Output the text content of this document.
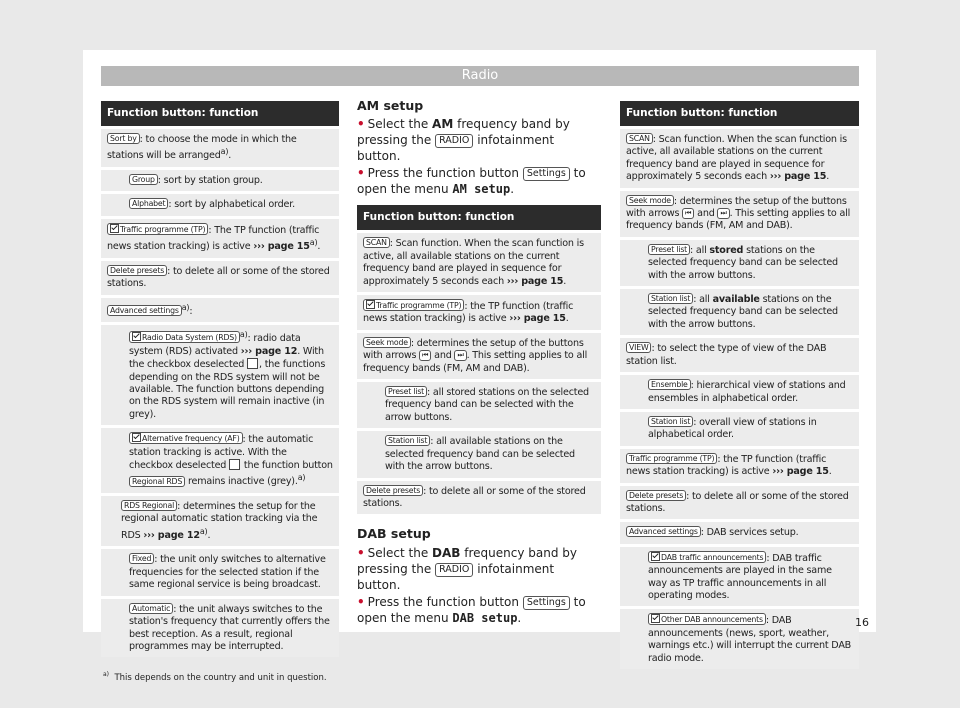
Radio
Function button: function
Sort by : to choose the mode in which the stations will be arranged$^{a)}$.
Group : sort by station group.
Alphabet : sort by alphabetical order.
Traffic programme (TP) : The TP function (traffic news station tracking) is active ››› page 15$^{a)}$.
Delete presets : to delete all or some of the stored stations.
Advanced settings $^{a)}$:
Radio Data System (RDS) $^{a)}$: radio data system (RDS) activated ››› page 12. With the checkbox deselected , the functions depending on the RDS system will not be available. The function buttons depending on the RDS system will remain inactive (in grey).
Alternative frequency (AF) : the automatic station tracking is active. With the checkbox deselected the function button Regional RDS remains inactive (grey).$^{a)}$
RDS Regional : determines the setup for the regional automatic station tracking via the RDS ››› page 12$^{a)}$.
Fixed : the unit only switches to alternative frequencies for the selected station if the same regional service is being broadcast.
Automatic : the unit always switches to the station's frequency that currently offers the best reception. As a result, regional programmes may be interrupted.
$^{a)}$ This depends on the country and unit in question.
AM setup
• Select the AM frequency band by pressing the RADIO infotainment button.
• Press the function button Settings to open the menu AM setup.
Function button: function
SCAN : Scan function. When the scan function is active, all available stations on the current frequency band are played in sequence for approximately 5 seconds each ››› page 15.
Traffic programme (TP) : the TP function (traffic news station tracking) is active ››› page 15.
Seek mode : determines the setup of the buttons with arrows ⏮ and ⏭ . This setting applies to all frequency bands (FM, AM and DAB).
Preset list : all stored stations on the selected frequency band can be selected with the arrow buttons.
Station list : all available stations on the selected frequency band can be selected with the arrow buttons.
Delete presets : to delete all or some of the stored stations.
DAB setup
• Select the DAB frequency band by pressing the RADIO infotainment button.
• Press the function button Settings to open the menu DAB setup.
Function button: function
SCAN : Scan function. When the scan function is active, all available stations on the current frequency band are played in sequence for approximately 5 seconds each ››› page 15.
Seek mode : determines the setup of the buttons with arrows ⏮ and ⏭ . This setting applies to all frequency bands (FM, AM and DAB).
Preset list : all stored stations on the selected frequency band can be selected with the arrow buttons.
Station list : all available stations on the selected frequency band can be selected with the arrow buttons.
VIEW : to select the type of view of the DAB station list.
Ensemble : hierarchical view of stations and ensembles in alphabetical order.
Station list : overall view of stations in alphabetical order.
Traffic programme (TP) : the TP function (traffic news station tracking) is active ››› page 15.
Delete presets : to delete all or some of the stored stations.
Advanced settings : DAB services setup.
DAB traffic announcements : DAB traffic announcements are played in the same way as TP traffic announcements in all operating modes.
Other DAB announcements : DAB announcements (news, sport, weather, warnings etc.) will interrupt the current DAB radio mode.
16
